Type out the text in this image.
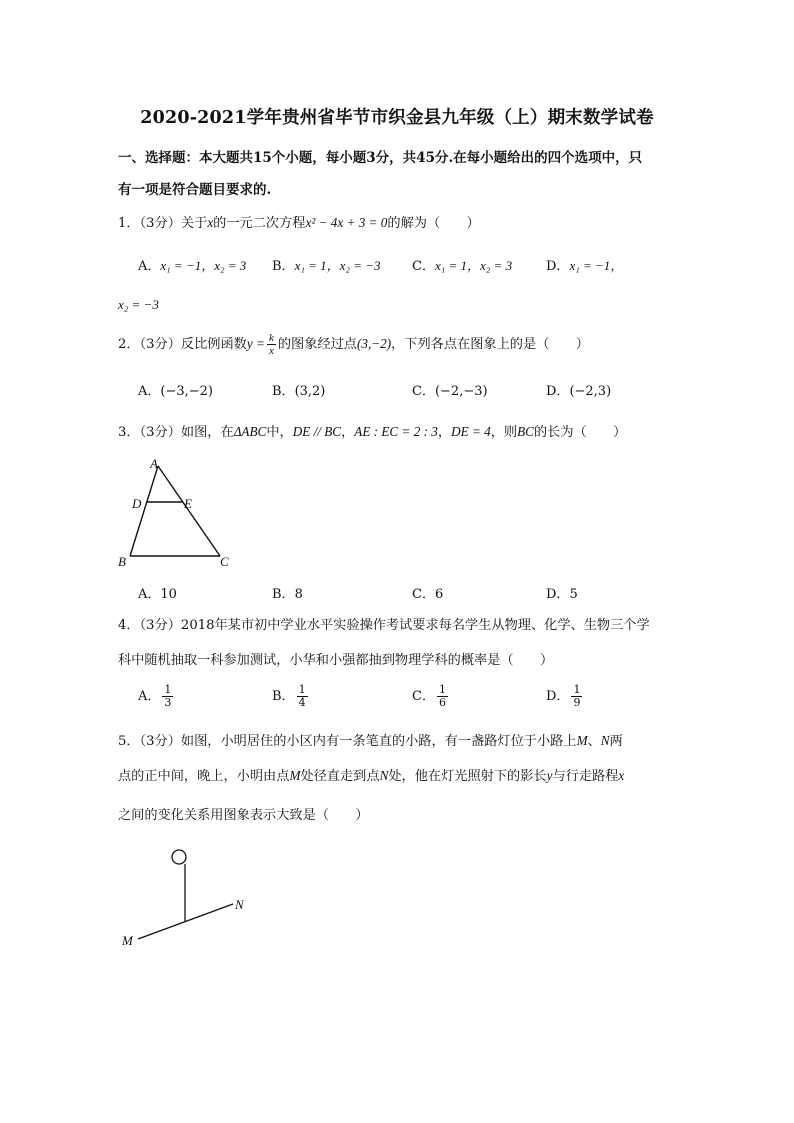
2020-2021学年贵州省毕节市织金县九年级（上）期末数学试卷
一、选择题：本大题共15个小题，每小题3分，共45分.在每小题给出的四个选项中，只
有一项是符合题目要求的.
1．（3分）关于x的一元二次方程x² − 4x + 3 = 0的解为（　　）
A．x₁ = −1，x₂ = 3 B．x₁ = 1，x₂ = −3 C．x₁ = 1，x₂ = 3	D．x₁ = −1，
x₂ = −3
2．（3分）反比例函数$y = \frac{k}{x}$ 的图象经过点(3,−2)，下列各点在图象上的是（　　）
A．(−3,−2)	B．(3,2)	C．(−2,−3)	D．(−2,3)
3．（3分）如图，在ΔABC中，DE // BC，AE : EC = 2 : 3，DE = 4，则BC的长为（　　）
A
D	E
B	C
A．10	B．8	C．6	D．5
4．（3分）2018年某市初中学业水平实验操作考试要求每名学生从物理、化学、生物三个学
科中随机抽取一科参加测试，小华和小强都抽到物理学科的概率是（　　）
A． $\frac{1}{3}$	B． $\frac{1}{4}$	C． $\frac{1}{6}$	D． $\frac{1}{9}$
5．（3分）如图，小明居住的小区内有一条笔直的小路，有一盏路灯位于小路上M、N两
点的正中间，晚上，小明由点M处径直走到点N处，他在灯光照射下的影长y与行走路程x
之间的变化关系用图象表示大致是（　　）
M
N
